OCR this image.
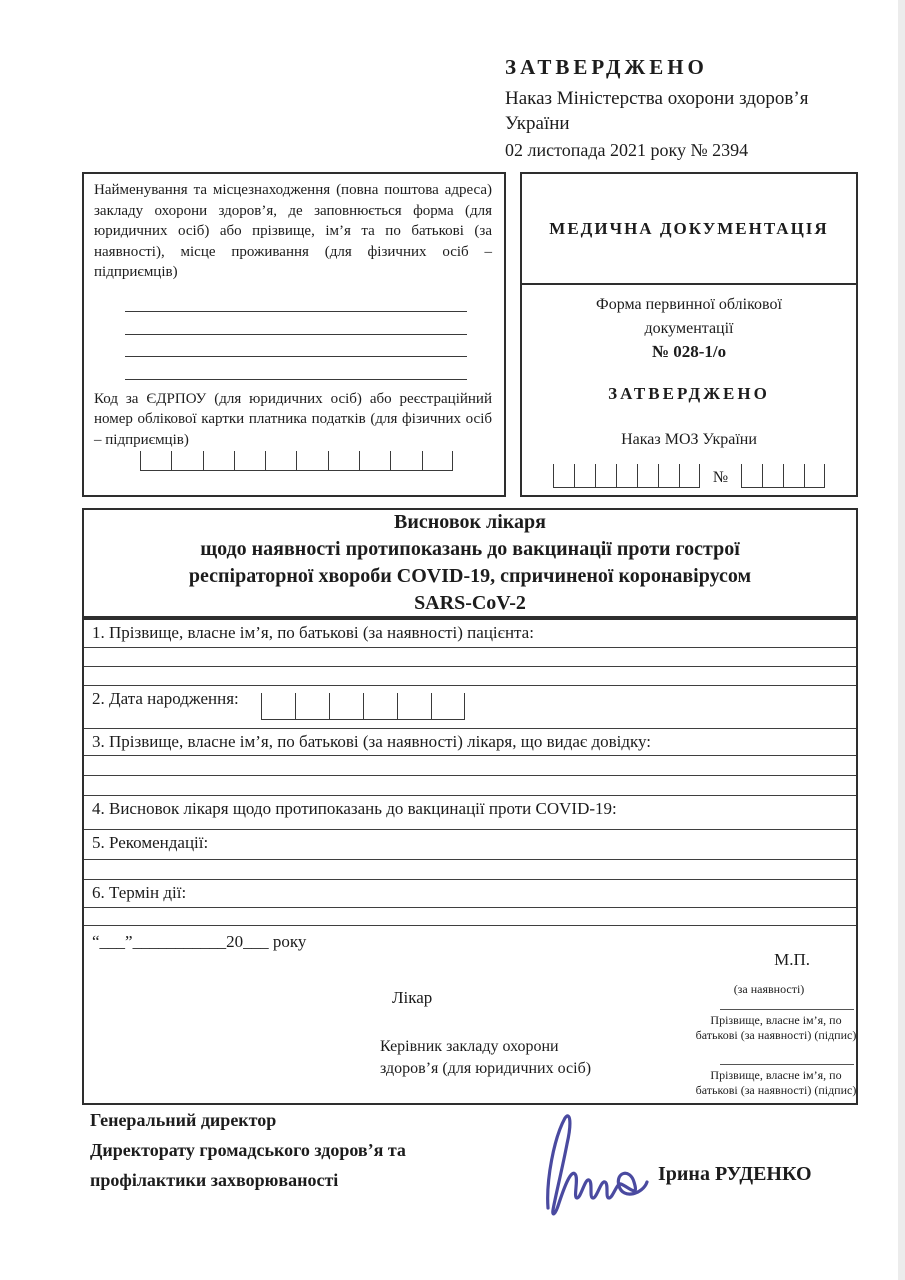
ЗАТВЕРДЖЕНО
Наказ Міністерства охорони здоров’я
України
02 листопада 2021 року № 2394
Найменування та місцезнаходження (повна поштова адреса) закладу охорони здоров’я, де заповнюється форма (для юридичних осіб) або прізвище, ім’я та по батькові (за наявності), місце проживання (для фізичних осіб – підприємців)
Код за ЄДРПОУ (для юридичних осіб) або реєстраційний номер облікової картки платника податків (для фізичних осіб – підприємців)
МЕДИЧНА ДОКУМЕНТАЦІЯ
Форма первинної облікової
документації
№ 028-1/о
ЗАТВЕРДЖЕНО
Наказ МОЗ України
№
Висновок лікаря
щодо наявності протипоказань до вакцинації проти гострої
респіраторної хвороби COVID-19, спричиненої коронавірусом
SARS-CoV-2
1. Прізвище, власне ім’я, по батькові (за наявності) пацієнта:
2. Дата народження:
3. Прізвище, власне ім’я, по батькові (за наявності) лікаря, що видає довідку:
4. Висновок лікаря щодо протипоказань до вакцинації проти COVID-19:
5. Рекомендації:
6. Термін дії:
“___”___________20___ року
М.П.
(за наявності)
Лікар
Прізвище, власне ім’я, по
батькові (за наявності) (підпис)
Керівник закладу охорони
здоров’я (для юридичних осіб)	Прізвище, власне ім’я, по
батькові (за наявності) (підпис)
Генеральний директор
Директорату громадського здоров’я та
профілактики захворюваності	Ірина РУДЕНКО
